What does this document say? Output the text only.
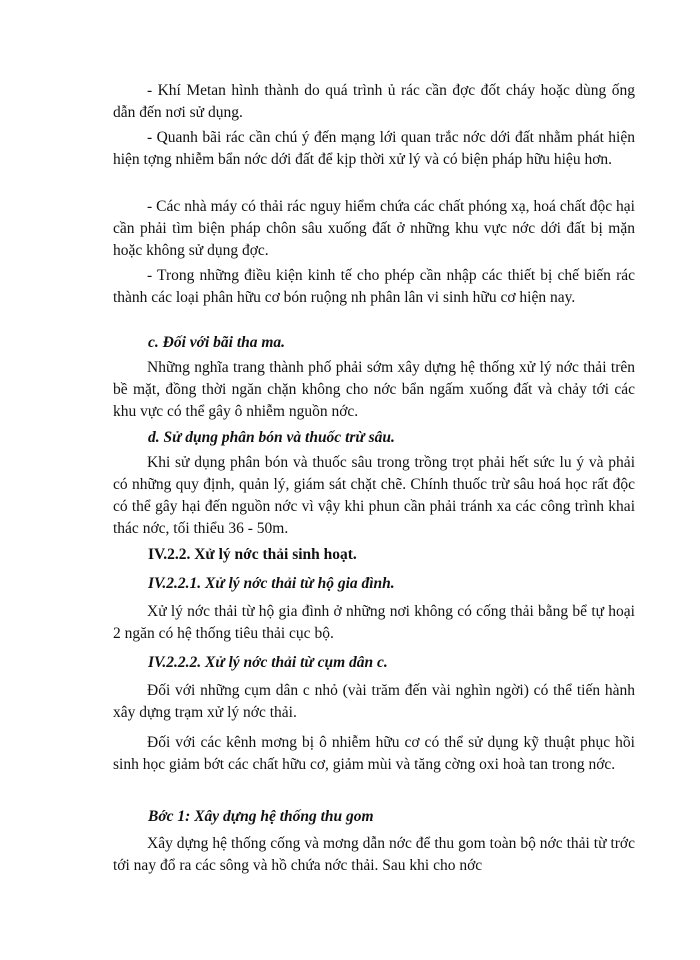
- Khí Metan hình thành do quá trình ủ rác cần đợc đốt cháy hoặc dùng ống dẫn đến nơi sử dụng.

- Quanh bãi rác cần chú ý đến mạng lới quan trắc nớc dới đất nhằm phát hiện hiện tợng nhiễm bẩn nớc dới đất để kịp thời xử lý và có biện pháp hữu hiệu hơn.

- Các nhà máy có thải rác nguy hiểm chứa các chất phóng xạ, hoá chất độc hại cần phải tìm biện pháp chôn sâu xuống đất ở những khu vực nớc dới đất bị mặn hoặc không sử dụng đợc.

- Trong những điều kiện kinh tế cho phép cần nhập các thiết bị chế biến rác thành các loại phân hữu cơ bón ruộng nh phân lân vi sinh hữu cơ hiện nay.

c. Đối với bãi tha ma.

Những nghĩa trang thành phố phải sớm xây dựng hệ thống xử lý nớc thải trên bề mặt, đồng thời ngăn chặn không cho nớc bẩn ngấm xuống đất và chảy tới các khu vực có thể gây ô nhiễm nguồn nớc.

d. Sử dụng phân bón và thuốc trừ sâu.

Khi sử dụng phân bón và thuốc sâu trong trồng trọt phải hết sức lu ý và phải có những quy định, quản lý, giám sát chặt chẽ. Chính thuốc trừ sâu hoá học rất độc có thể gây hại đến nguồn nớc vì vậy khi phun cần phải tránh xa các công trình khai thác nớc, tối thiểu 36 - 50m.

IV.2.2. Xử lý nớc thải sinh hoạt.

IV.2.2.1. Xử lý nớc thải từ hộ gia đình.

Xử lý nớc thải từ hộ gia đình ở những nơi không có cống thải bằng bể tự hoại 2 ngăn có hệ thống tiêu thải cục bộ.

IV.2.2.2. Xử lý nớc thải từ cụm dân c.

Đối với những cụm dân c nhỏ (vài trăm đến vài nghìn ngời) có thể tiến hành xây dựng trạm xử lý nớc thải.

Đối với các kênh mơng bị ô nhiễm hữu cơ có thể sử dụng kỹ thuật phục hồi sinh học giảm bớt các chất hữu cơ, giảm mùi và tăng cờng oxi hoà tan trong nớc.

Bớc 1: Xây dựng hệ thống thu gom

Xây dựng hệ thống cống và mơng dẫn nớc để thu gom toàn bộ nớc thải từ trớc tới nay đổ ra các sông và hồ chứa nớc thải. Sau khi cho nớc
